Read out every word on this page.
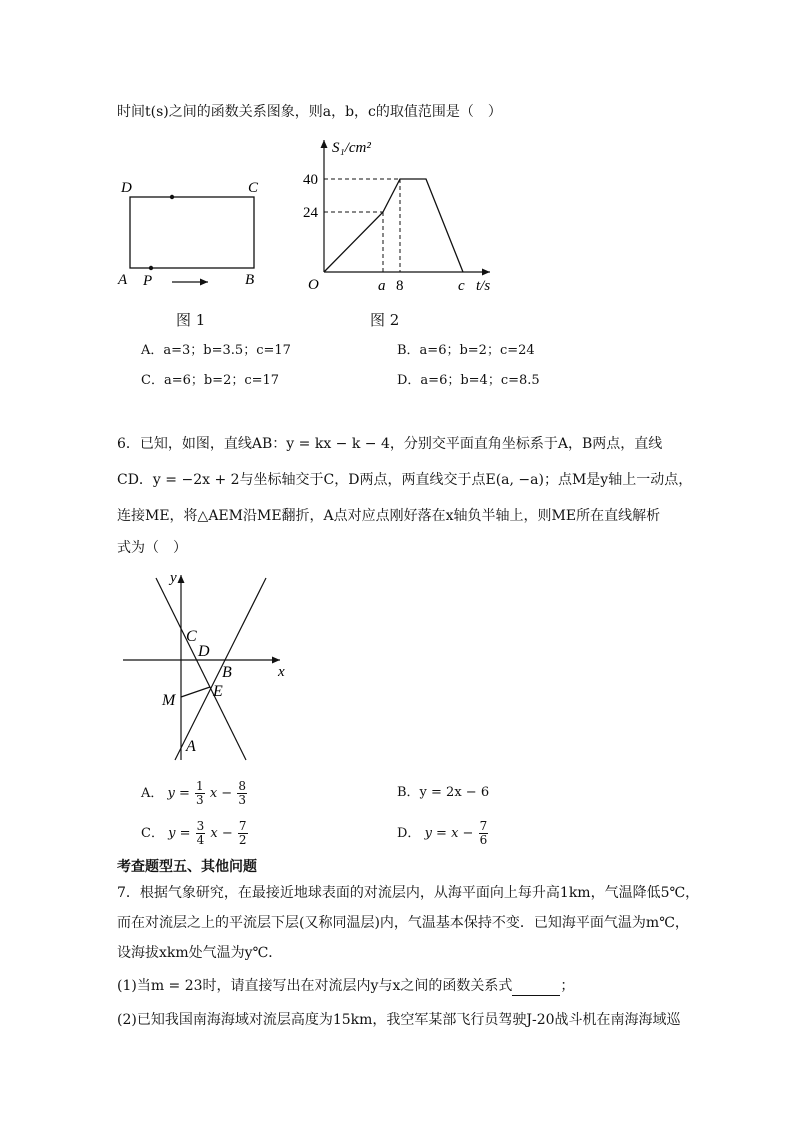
时间t(s)之间的函数关系图象，则a，b，c的取值范围是（　）
D	C
A P	B
图 1
S₁/cm²
40
24
O	a 8	c t/s
图 2
A．a=3；b=3.5；c=17	B．a=6；b=2；c=24
C．a=6；b=2；c=17	D．a=6；b=4；c=8.5
6．已知，如图，直线AB：y = kx − k − 4，分别交平面直角坐标系于A，B两点，直线
CD．y = −2x + 2与坐标轴交于C，D两点，两直线交于点E(a, −a)；点M是y轴上一动点，
连接ME，将△AEM沿ME翻折，A点对应点刚好落在x轴负半轴上，则ME所在直线解析
式为（　）
y
x
C
D
B
E
M
A
A． $y = \frac{1}{3}$ $x - \frac{8}{3}$	B．y = 2x − 6
C． $y = \frac{3}{4}$ $x - \frac{7}{2}$	D． $y = x - \frac{7}{6}$
考查题型五、其他问题
7．根据气象研究，在最接近地球表面的对流层内，从海平面向上每升高1km，气温降低5℃，
而在对流层之上的平流层下层(又称同温层)内，气温基本保持不变．已知海平面气温为m℃，
设海拔xkm处气温为y℃．
(1)当m = 23时，请直接写出在对流层内y与x之间的函数关系式	；
(2)已知我国南海海域对流层高度为15km，我空军某部飞行员驾驶J-20战斗机在南海海域巡
